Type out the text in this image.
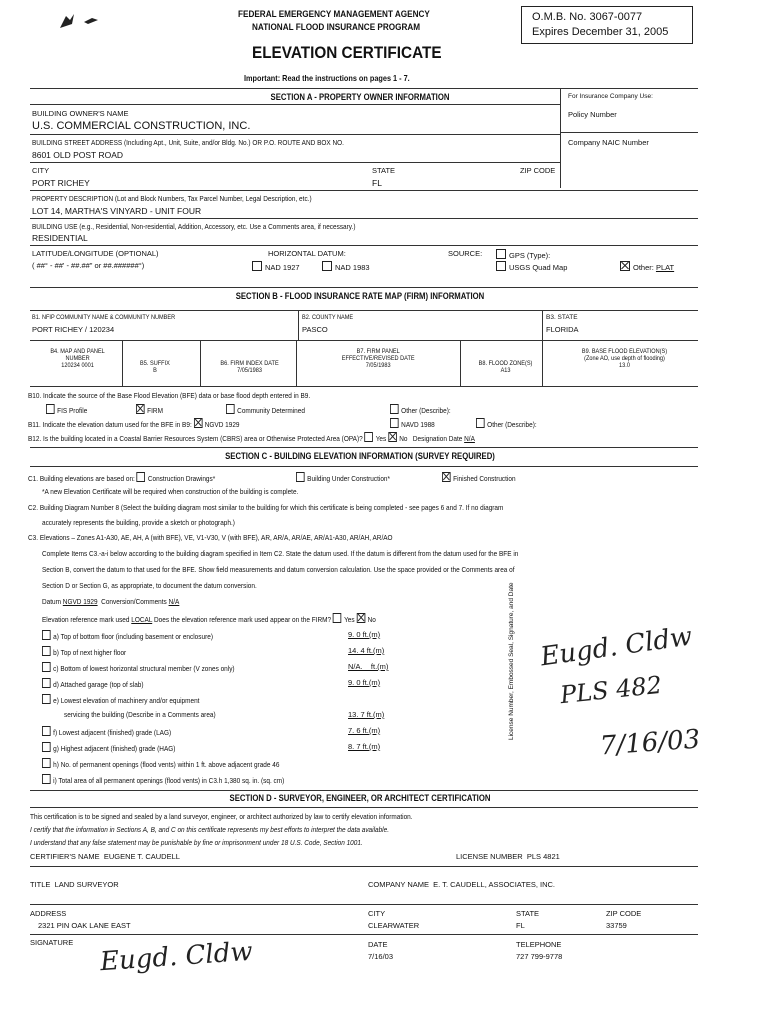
FEDERAL EMERGENCY MANAGEMENT AGENCY
NATIONAL FLOOD INSURANCE PROGRAM
O.M.B. No. 3067-0077
Expires December 31, 2005
ELEVATION CERTIFICATE
Important: Read the instructions on pages 1 - 7.
SECTION A - PROPERTY OWNER INFORMATION	For Insurance Company Use:
Policy Number
Company NAIC Number
BUILDING OWNER'S NAME
U.S. COMMERCIAL CONSTRUCTION, INC.
BUILDING STREET ADDRESS (Including Apt., Unit, Suite, and/or Bldg. No.) OR P.O. ROUTE AND BOX NO.
8601 OLD POST ROAD
CITY
PORT RICHEY
STATE
FL
ZIP CODE
PROPERTY DESCRIPTION (Lot and Block Numbers, Tax Parcel Number, Legal Description, etc.)
LOT 14, MARTHA'S VINYARD - UNIT FOUR
BUILDING USE (e.g., Residential, Non-residential, Addition, Accessory, etc. Use a Comments area, if necessary.)
RESIDENTIAL
LATITUDE/LONGITUDE (OPTIONAL)
( ##° - ##' - ##.##" or ##.######°)
HORIZONTAL DATUM:
NAD 1927	NAD 1983
SOURCE:	GPS (Type):
USGS Quad Map	Other: PLAT
SECTION B - FLOOD INSURANCE RATE MAP (FIRM) INFORMATION
B1. NFIP COMMUNITY NAME & COMMUNITY NUMBER
PORT RICHEY / 120234
B2. COUNTY NAME
PASCO
B3. STATE
FLORIDA
B4. MAP AND PANEL
NUMBER
120234 0001	B5. SUFFIX
B
B6. FIRM INDEX DATE
7/05/1983
B7. FIRM PANEL
EFFECTIVE/REVISED DATE
7/05/1983	B8. FLOOD ZONE(S)
A13
B9. BASE FLOOD ELEVATION(S)
(Zone AO, use depth of flooding)
13.0
B10. Indicate the source of the Base Flood Elevation (BFE) data or base flood depth entered in B9.
FIS Profile	FIRM	Community Determined	Other (Describe):
B11. Indicate the elevation datum used for the BFE in B9: NGVD 1929	NAVD 1988	Other (Describe):
B12. Is the building located in a Coastal Barrier Resources System (CBRS) area or Otherwise Protected Area (OPA)? Yes No Designation Date N/A
SECTION C - BUILDING ELEVATION INFORMATION (SURVEY REQUIRED)
C1. Building elevations are based on: Construction Drawings*	Building Under Construction*	Finished Construction
*A new Elevation Certificate will be required when construction of the building is complete.
C2. Building Diagram Number 8 (Select the building diagram most similar to the building for which this certificate is being completed - see pages 6 and 7. If no diagram
accurately represents the building, provide a sketch or photograph.)
C3. Elevations – Zones A1-A30, AE, AH, A (with BFE), VE, V1-V30, V (with BFE), AR, AR/A, AR/AE, AR/A1-A30, AR/AH, AR/AO
Complete Items C3.-a-i below according to the building diagram specified in Item C2. State the datum used. If the datum is different from the datum used for the BFE in
Section B, convert the datum to that used for the BFE. Show field measurements and datum conversion calculation. Use the space provided or the Comments area of
Section D or Section G, as appropriate, to document the datum conversion.
Datum NGVD 1929 Conversion/Comments N/A
Elevation reference mark used LOCAL Does the elevation reference mark used appear on the FIRM? Yes No
a) Top of bottom floor (including basement or enclosure)	9. 0 ft.(m)
b) Top of next higher floor	14. 4 ft.(m)
c) Bottom of lowest horizontal structural member (V zones only)	N/A. _ ft.(m)
d) Attached garage (top of slab)	9. 0 ft.(m)
e) Lowest elevation of machinery and/or equipment
servicing the building (Describe in a Comments area)	13. 7 ft.(m)
f) Lowest adjacent (finished) grade (LAG)	7. 6 ft.(m)
g) Highest adjacent (finished) grade (HAG)	8. 7 ft.(m)
h) No. of permanent openings (flood vents) within 1 ft. above adjacent grade 46
i) Total area of all permanent openings (flood vents) in C3.h 1,380 sq. in. (sq. cm)
License Number, Embossed Seal, Signature, and Date Eugd. Cldw
PLS 482
7/16/03
SECTION D - SURVEYOR, ENGINEER, OR ARCHITECT CERTIFICATION
This certification is to be signed and sealed by a land surveyor, engineer, or architect authorized by law to certify elevation information.
I certify that the information in Sections A, B, and C on this certificate represents my best efforts to interpret the data available.
I understand that any false statement may be punishable by fine or imprisonment under 18 U.S. Code, Section 1001.
CERTIFIER'S NAME EUGENE T. CAUDELL	LICENSE NUMBER PLS 4821
TITLE LAND SURVEYOR	COMPANY NAME E. T. CAUDELL, ASSOCIATES, INC.
ADDRESS
2321 PIN OAK LANE EAST
CITY
CLEARWATER
STATE
FL
ZIP CODE
33759
SIGNATURE Eugd. Cldw	DATE
7/16/03
TELEPHONE
727 799-9778
